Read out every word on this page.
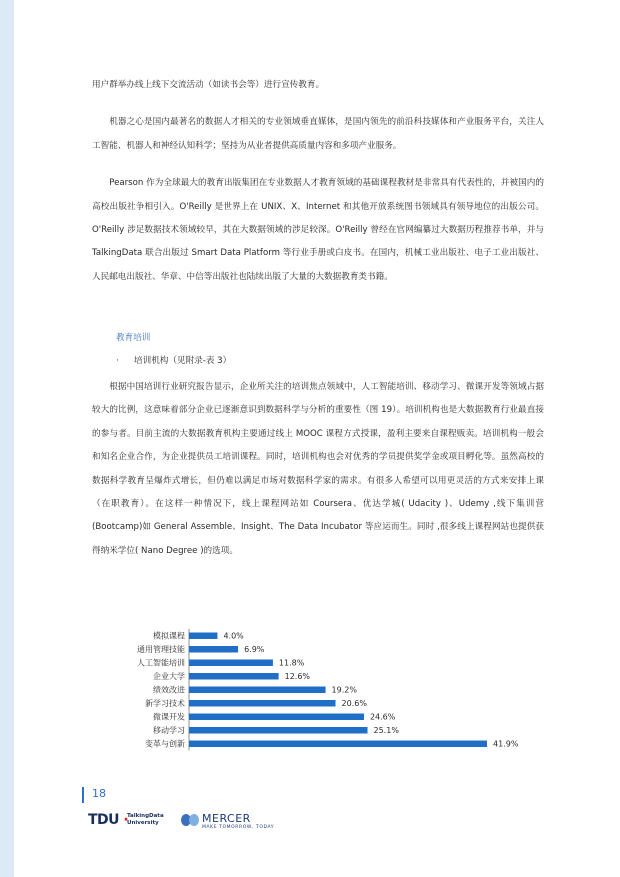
用户群举办线上线下交流活动（如读书会等）进行宣传教育。

机器之心是国内最著名的数据人才相关的专业领域垂直媒体，是国内领先的前沿科技媒体和产业服务平台，关注人工智能、机器人和神经认知科学；坚持为从业者提供高质量内容和多项产业服务。

Pearson 作为全球最大的教育出版集团在专业数据人才教育领域的基础课程教材是非常具有代表性的，并被国内的高校出版社争相引入。O'Reilly 是世界上在 UNIX、X、Internet 和其他开放系统图书领域具有领导地位的出版公司。O'Reilly 涉足数据技术领域较早，其在大数据领域的涉足较深。O'Reilly 曾经在官网编纂过大数据历程推荐书单，并与 TalkingData 联合出版过 Smart Data Platform 等行业手册或白皮书。在国内，机械工业出版社、电子工业出版社、人民邮电出版社、华章、中信等出版社也陆续出版了大量的大数据教育类书籍。

教育培训
· 培训机构（见附录-表 3）

根据中国培训行业研究报告显示，企业所关注的培训焦点领域中，人工智能培训、移动学习、微课开发等领域占据较大的比例，这意味着部分企业已逐渐意识到数据科学与分析的重要性（图 19）。培训机构也是大数据教育行业最直接的参与者。目前主流的大数据教育机构主要通过线上 MOOC 课程方式授课，盈利主要来自课程贩卖。培训机构一般会和知名企业合作，为企业提供员工培训课程。同时，培训机构也会对优秀的学员提供奖学金或项目孵化等。虽然高校的数据科学教育呈爆炸式增长，但仍难以满足市场对数据科学家的需求。有很多人希望可以用更灵活的方式来安排上课（在职教育）。在这样一种情况下，线上课程网站如 Coursera、优达学城( Udacity )、Udemy ,线下集训营(Bootcamp)如 General Assemble、Insight、The Data Incubator 等应运而生。同时 ,很多线上课程网站也提供获得纳米学位( Nano Degree )的选项。

模拟课程	4.0%
通用管理技能	6.9%
人工智能培训	11.8%
企业大学	12.6%
绩效改进	19.2%
新学习技术	20.6%
微课开发	24.6%
移动学习	25.1%
变革与创新	41.9%
18
TDU ·
TalkingData
University	MERCER
MAKE TOMORROW, TODAY
